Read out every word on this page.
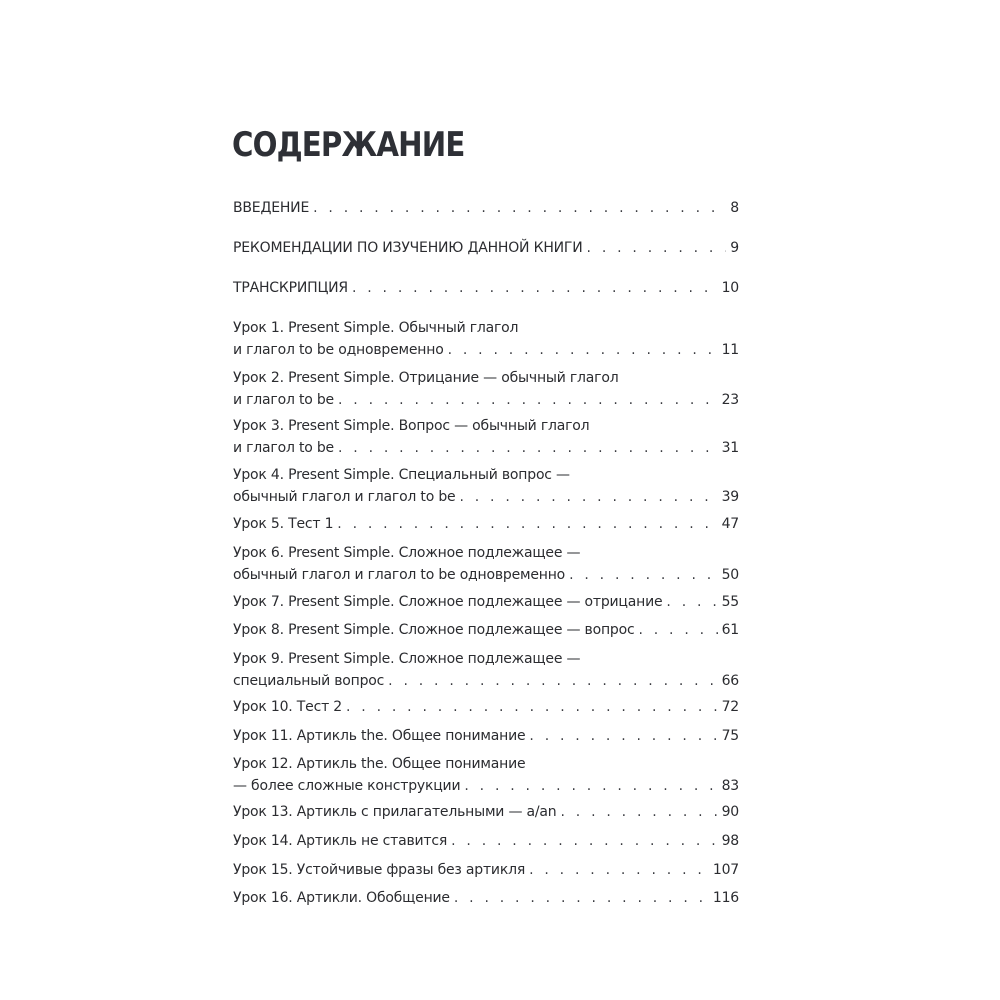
СОДЕРЖАНИЕ
ВВЕДЕНИЕ . . .	8
РЕКОМЕНДАЦИИ ПО ИЗУЧЕНИЮ ДАННОЙ КНИГИ . . .	9
ТРАНСКРИПЦИЯ . . .	10
Урок 1. Present Simple. Обычный глагол
и глагол to be одновременно . . .	11
Урок 2. Present Simple. Отрицание — обычный глагол
и глагол to be . . .	23
Урок 3. Present Simple. Вопрос — обычный глагол
и глагол to be . . .	31
Урок 4. Present Simple. Специальный вопрос —
обычный глагол и глагол to be . . .	39
Урок 5. Тест 1 . . .	47
Урок 6. Present Simple. Сложное подлежащее —
обычный глагол и глагол to be одновременно . . .	50
Урок 7. Present Simple. Сложное подлежащее — отрицание . . .	55
Урок 8. Present Simple. Сложное подлежащее — вопрос . . .	61
Урок 9. Present Simple. Сложное подлежащее —
специальный вопрос . . .	66
Урок 10. Тест 2 . . .	72
Урок 11. Артикль the. Общее понимание . . .	75
Урок 12. Артикль the. Общее понимание
— более сложные конструкции . . .	83
Урок 13. Артикль с прилагательными — a/an . . .	90
Урок 14. Артикль не ставится . . .	98
Урок 15. Устойчивые фразы без артикля . . .	107
Урок 16. Артикли. Обобщение . . .	116
